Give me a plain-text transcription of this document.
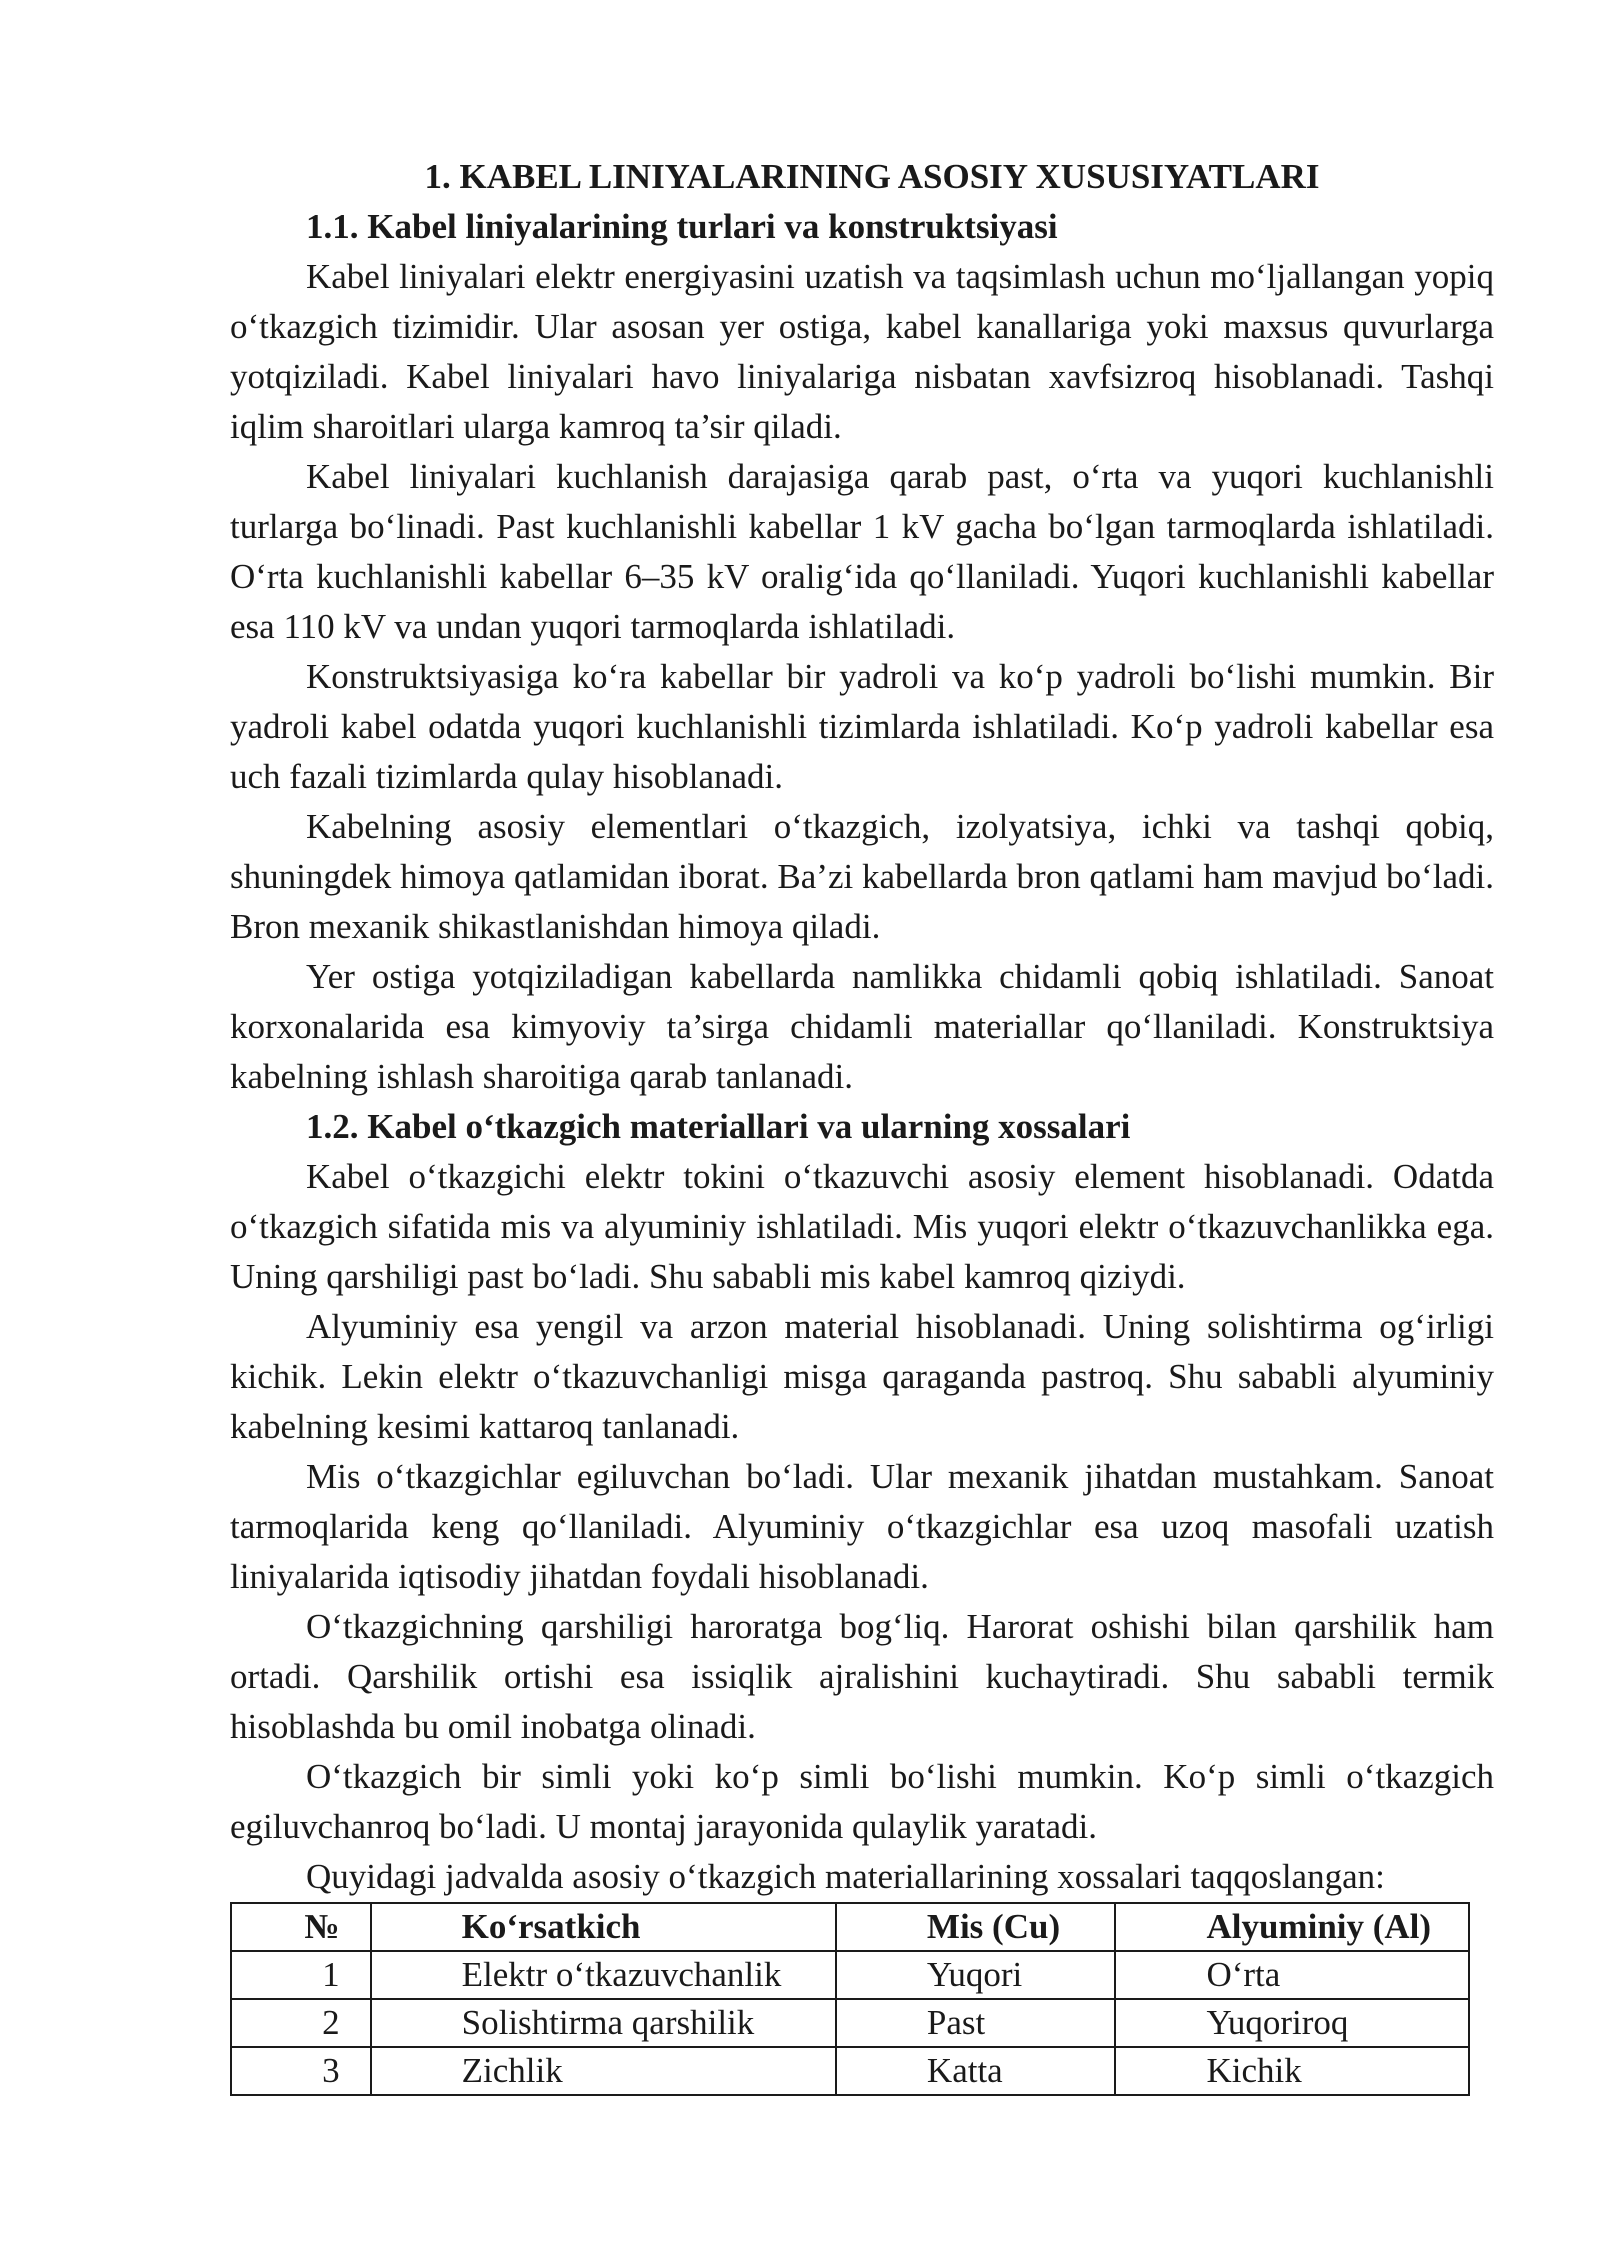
1. KABEL LINIYALARINING ASOSIY XUSUSIYATLARI
1.1. Kabel liniyalarining turlari va konstruktsiyasi

Kabel liniyalari elektr energiyasini uzatish va taqsimlash uchun mo‘ljallangan yopiq o‘tkazgich tizimidir. Ular asosan yer ostiga, kabel kanallariga yoki maxsus quvurlarga yotqiziladi. Kabel liniyalari havo liniyalariga nisbatan xavfsizroq hisoblanadi. Tashqi iqlim sharoitlari ularga kamroq ta’sir qiladi.

Kabel liniyalari kuchlanish darajasiga qarab past, o‘rta va yuqori kuchlanishli turlarga bo‘linadi. Past kuchlanishli kabellar 1 kV gacha bo‘lgan tarmoqlarda ishlatiladi. O‘rta kuchlanishli kabellar 6–35 kV oralig‘ida qo‘llaniladi. Yuqori kuchlanishli kabellar esa 110 kV va undan yuqori tarmoqlarda ishlatiladi.

Konstruktsiyasiga ko‘ra kabellar bir yadroli va ko‘p yadroli bo‘lishi mumkin. Bir yadroli kabel odatda yuqori kuchlanishli tizimlarda ishlatiladi. Ko‘p yadroli kabellar esa uch fazali tizimlarda qulay hisoblanadi.

Kabelning asosiy elementlari o‘tkazgich, izolyatsiya, ichki va tashqi qobiq, shuningdek himoya qatlamidan iborat. Ba’zi kabellarda bron qatlami ham mavjud bo‘ladi. Bron mexanik shikastlanishdan himoya qiladi.

Yer ostiga yotqiziladigan kabellarda namlikka chidamli qobiq ishlatiladi. Sanoat korxonalarida esa kimyoviy ta’sirga chidamli materiallar qo‘llaniladi. Konstruktsiya kabelning ishlash sharoitiga qarab tanlanadi.

1.2. Kabel o‘tkazgich materiallari va ularning xossalari

Kabel o‘tkazgichi elektr tokini o‘tkazuvchi asosiy element hisoblanadi. Odatda o‘tkazgich sifatida mis va alyuminiy ishlatiladi. Mis yuqori elektr o‘tkazuvchanlikka ega. Uning qarshiligi past bo‘ladi. Shu sababli mis kabel kamroq qiziydi.

Alyuminiy esa yengil va arzon material hisoblanadi. Uning solishtirma og‘irligi kichik. Lekin elektr o‘tkazuvchanligi misga qaraganda pastroq. Shu sababli alyuminiy kabelning kesimi kattaroq tanlanadi.

Mis o‘tkazgichlar egiluvchan bo‘ladi. Ular mexanik jihatdan mustahkam. Sanoat tarmoqlarida keng qo‘llaniladi. Alyuminiy o‘tkazgichlar esa uzoq masofali uzatish liniyalarida iqtisodiy jihatdan foydali hisoblanadi.

O‘tkazgichning qarshiligi haroratga bog‘liq. Harorat oshishi bilan qarshilik ham ortadi. Qarshilik ortishi esa issiqlik ajralishini kuchaytiradi. Shu sababli termik hisoblashda bu omil inobatga olinadi.

O‘tkazgich bir simli yoki ko‘p simli bo‘lishi mumkin. Ko‘p simli o‘tkazgich egiluvchanroq bo‘ladi. U montaj jarayonida qulaylik yaratadi.

Quyidagi jadvalda asosiy o‘tkazgich materiallarining xossalari taqqoslangan:

№	Ko‘rsatkich	Mis (Cu)	Alyuminiy (Al)
1	Elektr o‘tkazuvchanlik	Yuqori	O‘rta
2	Solishtirma qarshilik	Past	Yuqoriroq
3	Zichlik	Katta	Kichik
